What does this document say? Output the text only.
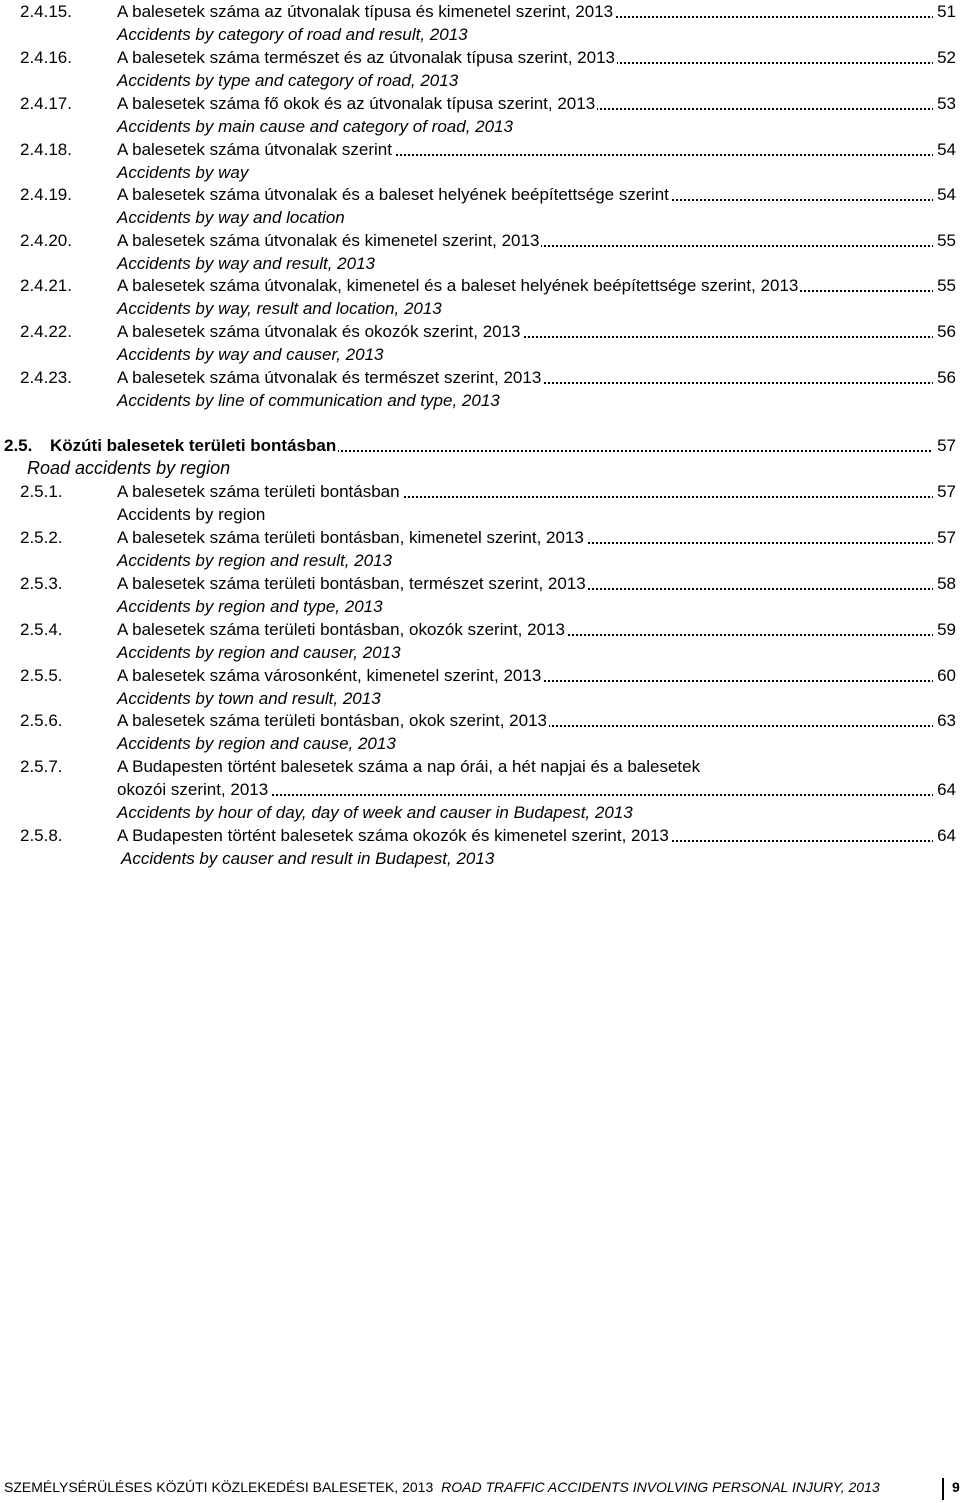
2.4.15.	A balesetek száma az útvonalak típusa és kimenetel szerint, 2013	51
Accidents by category of road and result, 2013
2.4.16.	A balesetek száma természet és az útvonalak típusa szerint, 2013	52
Accidents by type and category of road, 2013
2.4.17.	A balesetek száma fő okok és az útvonalak típusa szerint, 2013	53
Accidents by main cause and category of road, 2013
2.4.18.	A balesetek száma útvonalak szerint	54
Accidents by way
2.4.19.	A balesetek száma útvonalak és a baleset helyének beépítettsége szerint	54
Accidents by way and location
2.4.20.	A balesetek száma útvonalak és kimenetel szerint, 2013	55
Accidents by way and result, 2013
2.4.21.	A balesetek száma útvonalak, kimenetel és a baleset helyének beépítettsége szerint, 2013	55
Accidents by way, result and location, 2013
2.4.22.	A balesetek száma útvonalak és okozók szerint, 2013	56
Accidents by way and causer, 2013
2.4.23.	A balesetek száma útvonalak és természet szerint, 2013	56
Accidents by line of communication and type, 2013
2.5. Közúti balesetek területi bontásban	57
Road accidents by region
2.5.1.	A balesetek száma területi bontásban	57
Accidents by region
2.5.2.	A balesetek száma területi bontásban, kimenetel szerint, 2013	57
Accidents by region and result, 2013
2.5.3.	A balesetek száma területi bontásban, természet szerint, 2013	58
Accidents by region and type, 2013
2.5.4.	A balesetek száma területi bontásban, okozók szerint, 2013	59
Accidents by region and causer, 2013
2.5.5.	A balesetek száma városonként, kimenetel szerint, 2013	60
Accidents by town and result, 2013
2.5.6.	A balesetek száma területi bontásban, okok szerint, 2013	63
Accidents by region and cause, 2013
2.5.7.	A Budapesten történt balesetek száma a nap órái, a hét napjai és a balesetek
okozói szerint, 2013	64
Accidents by hour of day, day of week and causer in Budapest, 2013
2.5.8.	A Budapesten történt balesetek száma okozók és kimenetel szerint, 2013	64
Accidents by causer and result in Budapest, 2013
SZEMÉLYSÉRÜLÉSES KÖZÚTI KÖZLEKEDÉSI BALESETEK, 2013 ROAD TRAFFIC ACCIDENTS INVOLVING PERSONAL INJURY, 2013	9
